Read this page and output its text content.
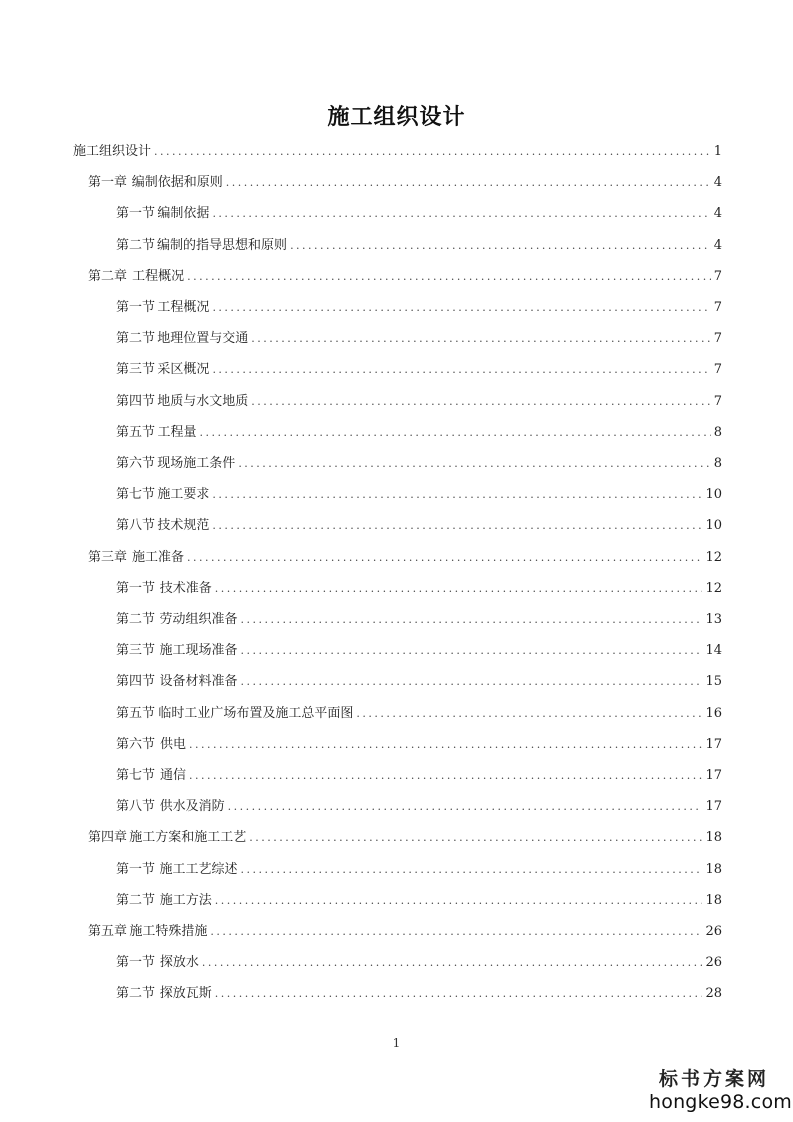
施工组织设计
施工组织设计 .....	1
第一章 编制依据和原则 .....	4
第一节 编制依据 .....	4
第二节 编制的指导思想和原则 .....	4
第二章 工程概况 .....	7
第一节 工程概况 .....	7
第二节 地理位置与交通 .....	7
第三节 采区概况 .....	7
第四节 地质与水文地质 .....	7
第五节 工程量 .....	8
第六节 现场施工条件 .....	8
第七节 施工要求 .....	10
第八节 技术规范 .....	10
第三章 施工准备 .....	12
第一节 技术准备 .....	12
第二节 劳动组织准备 .....	13
第三节 施工现场准备 .....	14
第四节 设备材料准备 .....	15
第五节 临时工业广场布置及施工总平面图 .....	16
第六节 供电 .....	17
第七节 通信 .....	17
第八节 供水及消防 .....	17
第四章 施工方案和施工工艺 .....	18
第一节 施工工艺综述 .....	18
第二节 施工方法 .....	18
第五章 施工特殊措施 .....	26
第一节 探放水 .....	26
第二节 探放瓦斯 .....	28
1
标书方案网
hongke98.com
